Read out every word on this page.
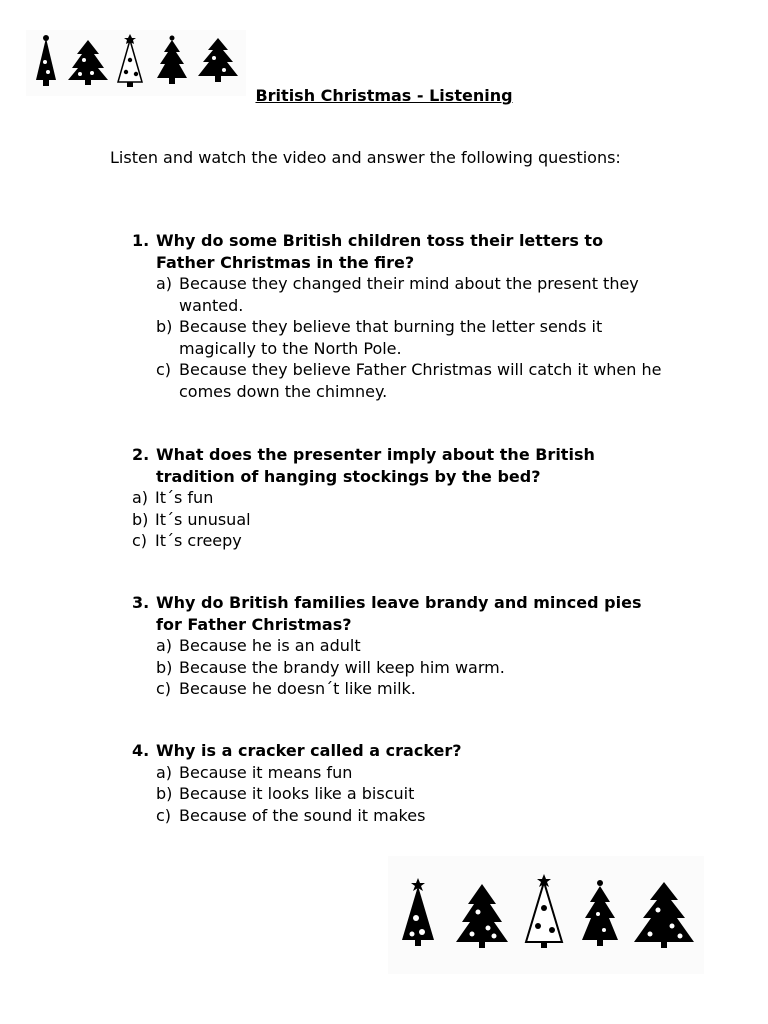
British Christmas - Listening
Listen and watch the video and answer the following questions:
1. Why do some British children toss their letters to Father Christmas in the fire?
a) Because they changed their mind about the present they wanted.
b) Because they believe that burning the letter sends it magically to the North Pole.
c) Because they believe Father Christmas will catch it when he comes down the chimney.
2. What does the presenter imply about the British tradition of hanging stockings by the bed?
a) It´s fun
b) It´s unusual
c) It´s creepy
3. Why do British families leave brandy and minced pies for Father Christmas?
a) Because he is an adult
b) Because the brandy will keep him warm.
c) Because he doesn´t like milk.
4. Why is a cracker called a cracker?
a) Because it means fun
b) Because it looks like a biscuit
c) Because of the sound it makes
